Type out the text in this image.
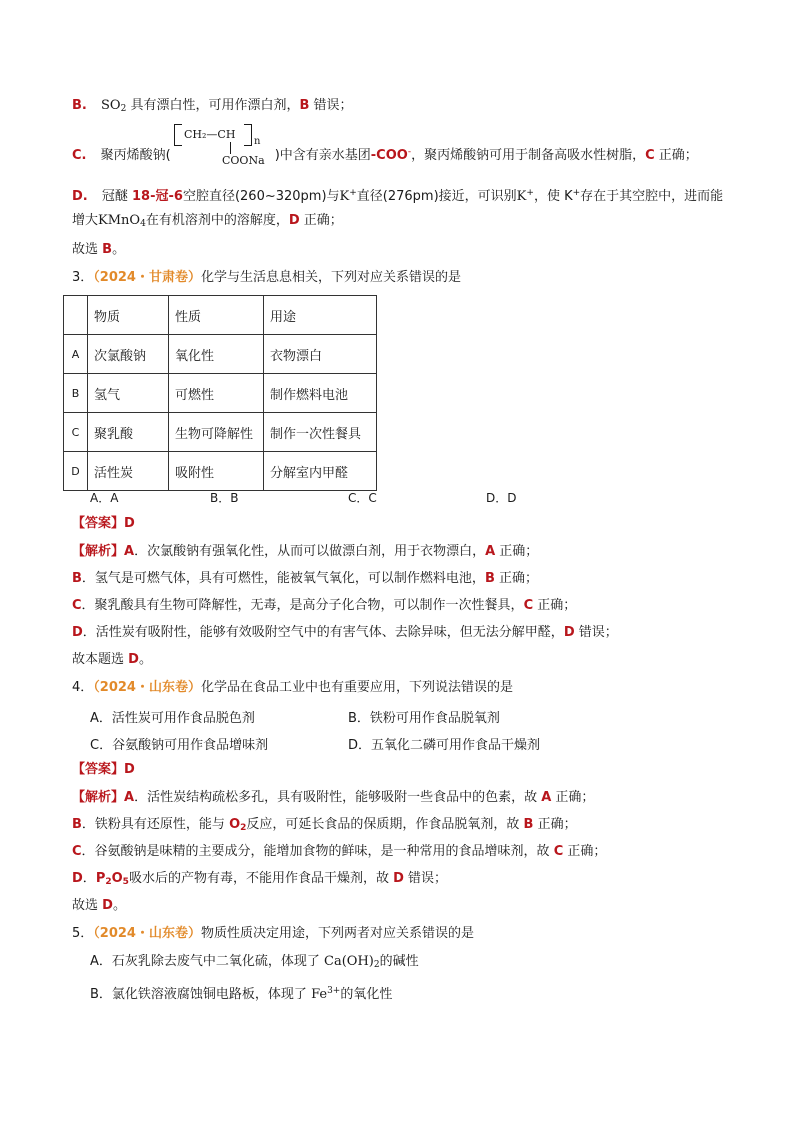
B. $SO_2$ 具有漂白性，可用作漂白剂，B 错误；
C. 聚丙烯酸钠(	)中含有亲水基团-COO-，聚丙烯酸钠可用于制备高吸水性树脂，C 正确；
CH₂—CH
n
COONa
D. 冠醚 18-冠-6空腔直径(260~320pm)与K+直径(276pm)接近，可识别K+，使 K+存在于其空腔中，进而能
增大KMnO$_4$在有机溶剂中的溶解度，D 正确；
故选 B。
3．（2024・甘肃卷）化学与生活息息相关，下列对应关系错误的是
	物质	性质	用途
A	次氯酸钠	氧化性	衣物漂白
B	氢气	可燃性	制作燃料电池
C	聚乳酸	生物可降解性	制作一次性餐具
D	活性炭	吸附性	分解室内甲醛
A．A	B．B	C．C	D．D
【答案】D
【解析】A．次氯酸钠有强氧化性，从而可以做漂白剂，用于衣物漂白，A 正确；
B．氢气是可燃气体，具有可燃性，能被氧气氧化，可以制作燃料电池，B 正确；
C．聚乳酸具有生物可降解性，无毒，是高分子化合物，可以制作一次性餐具，C 正确；
D．活性炭有吸附性，能够有效吸附空气中的有害气体、去除异味，但无法分解甲醛，D 错误；
故本题选 D。
4．（2024・山东卷）化学品在食品工业中也有重要应用，下列说法错误的是
A．活性炭可用作食品脱色剂	B．铁粉可用作食品脱氧剂
C．谷氨酸钠可用作食品增味剂	D．五氧化二磷可用作食品干燥剂
【答案】D
【解析】A．活性炭结构疏松多孔，具有吸附性，能够吸附一些食品中的色素，故 A 正确；
B．铁粉具有还原性，能与 $O_2$反应，可延长食品的保质期，作食品脱氧剂，故 B 正确；
C．谷氨酸钠是味精的主要成分，能增加食物的鲜味，是一种常用的食品增味剂，故 C 正确；
D．$P_2O_5$吸水后的产物有毒，不能用作食品干燥剂，故 D 错误；
故选 D。
5．（2024・山东卷）物质性质决定用途，下列两者对应关系错误的是
A．石灰乳除去废气中二氧化硫，体现了 $Ca(OH)_2$的碱性
B．氯化铁溶液腐蚀铜电路板，体现了 $Fe^{3+}$的氧化性
